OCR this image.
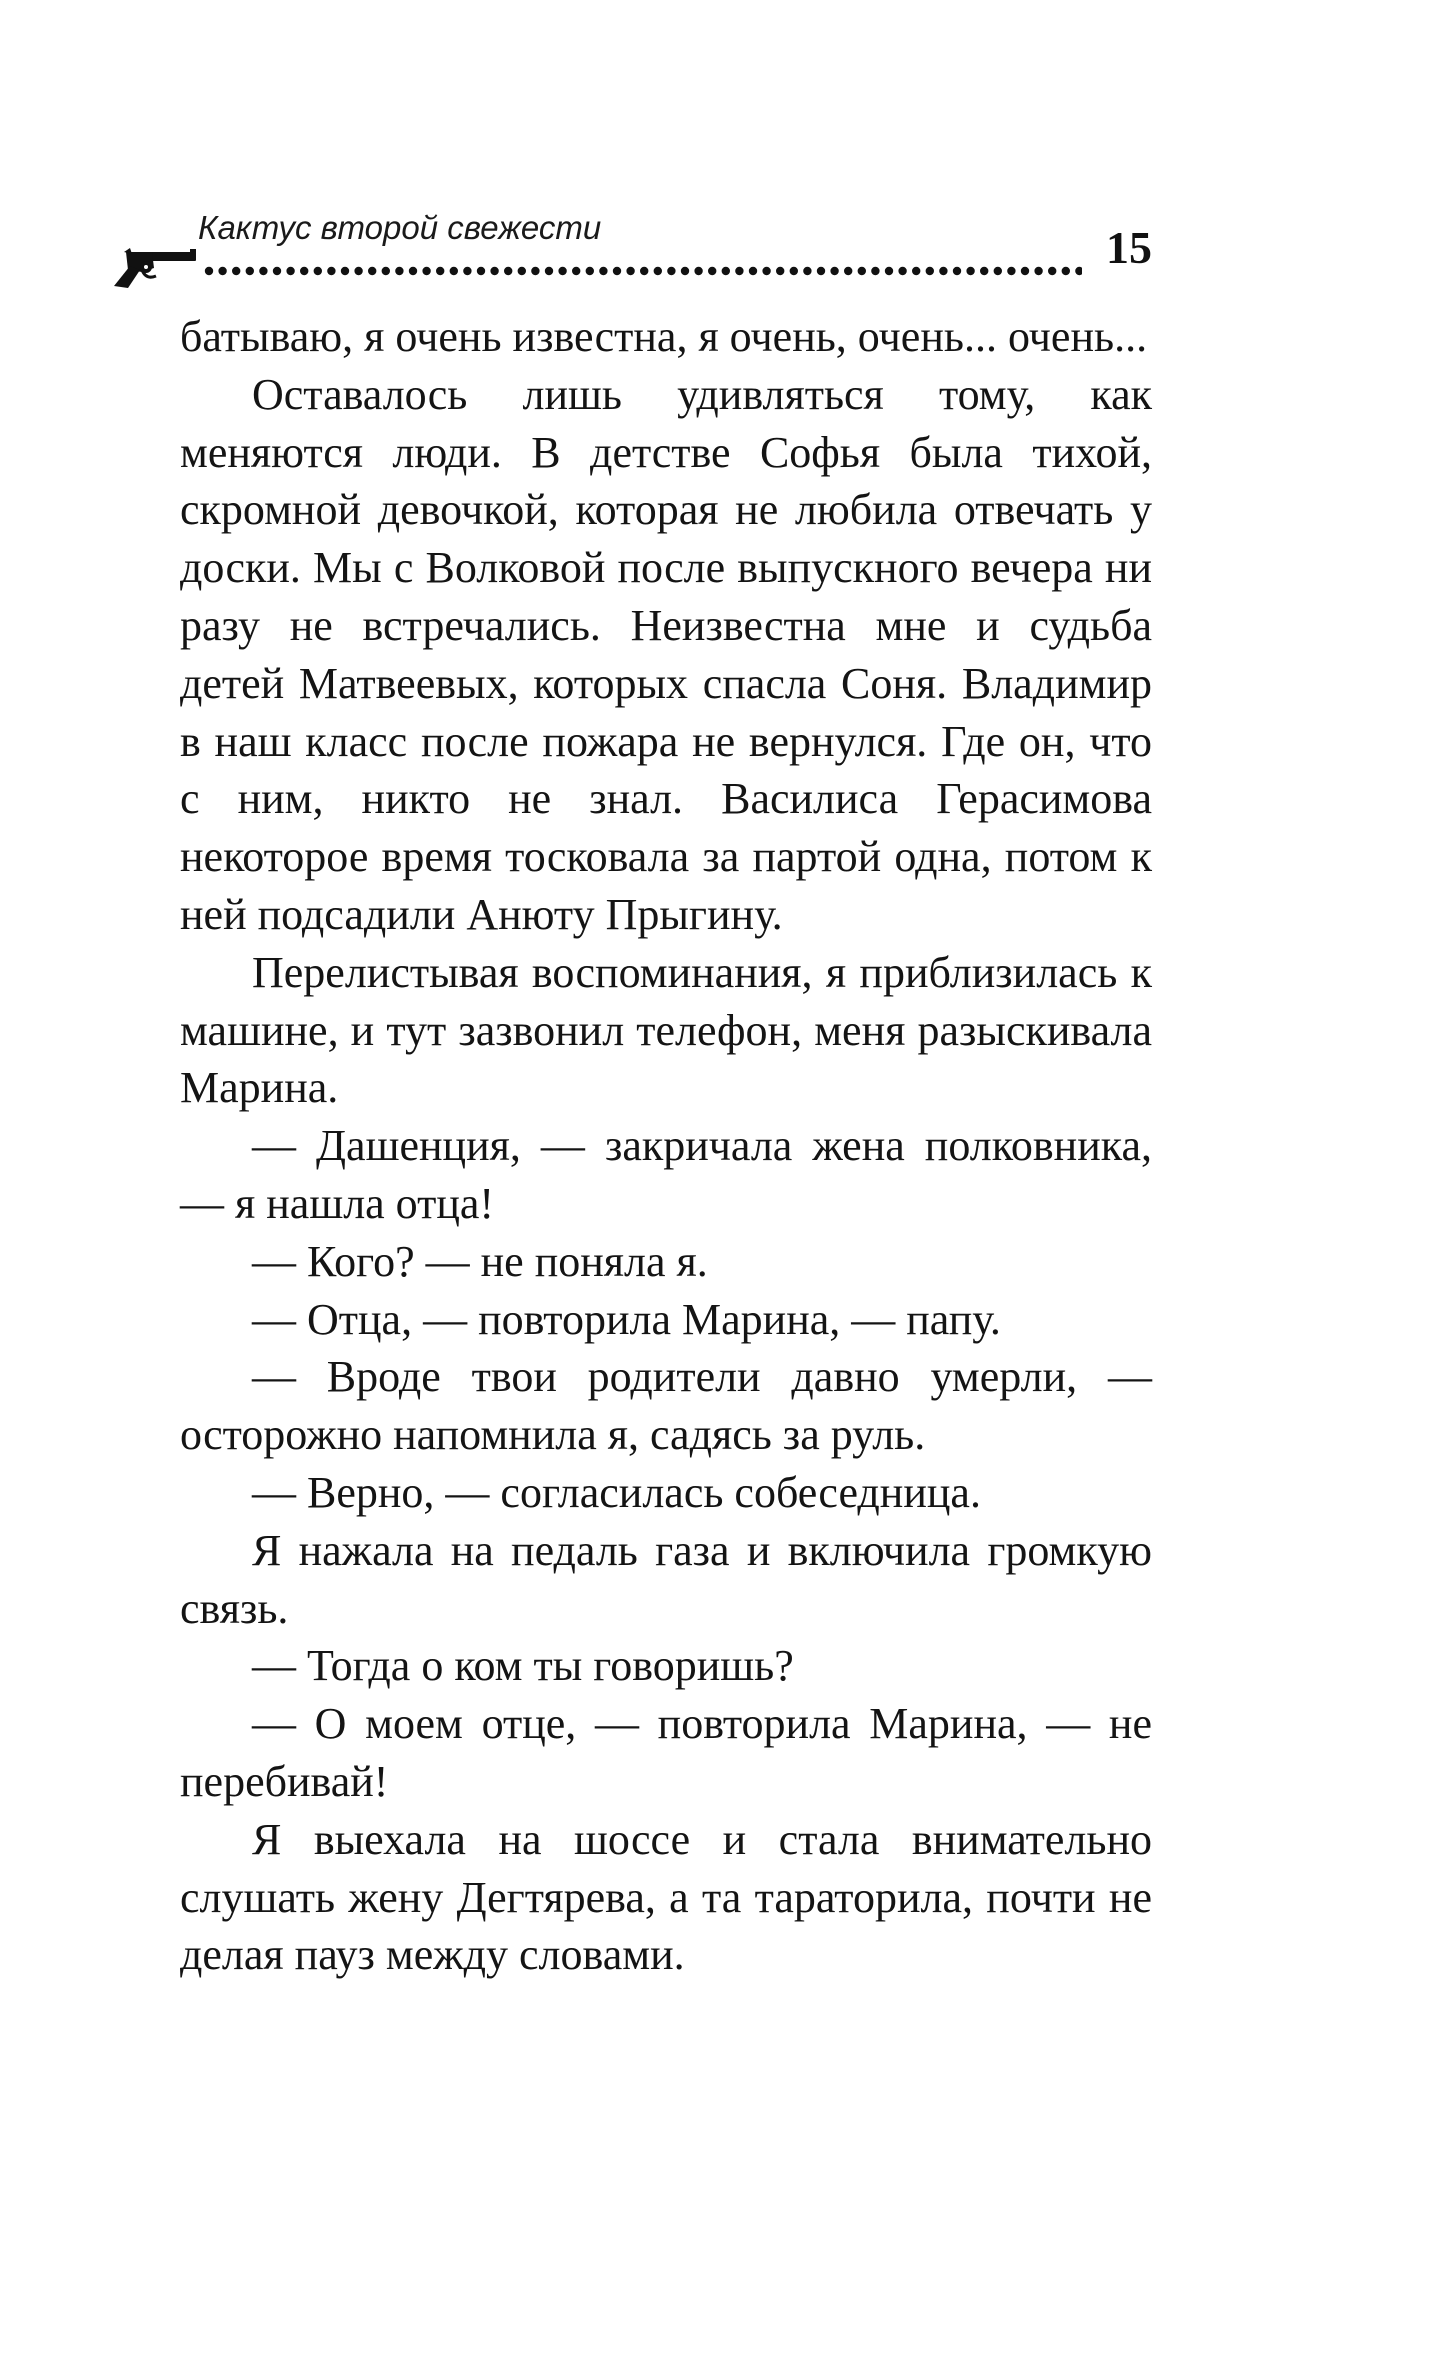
Кактус второй свежести	15

батываю, я очень известна, я очень, очень... очень...

Оставалось лишь удивляться тому, как меняются люди. В детстве Софья была тихой, скромной девочкой, которая не любила отвечать у доски. Мы с Волковой после выпускного вечера ни разу не встречались. Неизвестна мне и судьба детей Матвеевых, которых спасла Соня. Владимир в наш класс после пожара не вернулся. Где он, что с ним, никто не знал. Василиса Герасимова некоторое время тосковала за партой одна, потом к ней подсадили Анюту Прыгину.

Перелистывая воспоминания, я приблизилась к машине, и тут зазвонил телефон, меня разыскивала Марина.

— Дашенция, — закричала жена полковника, — я нашла отца!

— Кого? — не поняла я.

— Отца, — повторила Марина, — папу.

— Вроде твои родители давно умерли, — осторожно напомнила я, садясь за руль.

— Верно, — согласилась собеседница.

Я нажала на педаль газа и включила громкую связь.

— Тогда о ком ты говоришь?

— О моем отце, — повторила Марина, — не перебивай!

Я выехала на шоссе и стала внимательно слушать жену Дегтярева, а та тараторила, почти не делая пауз между словами.
